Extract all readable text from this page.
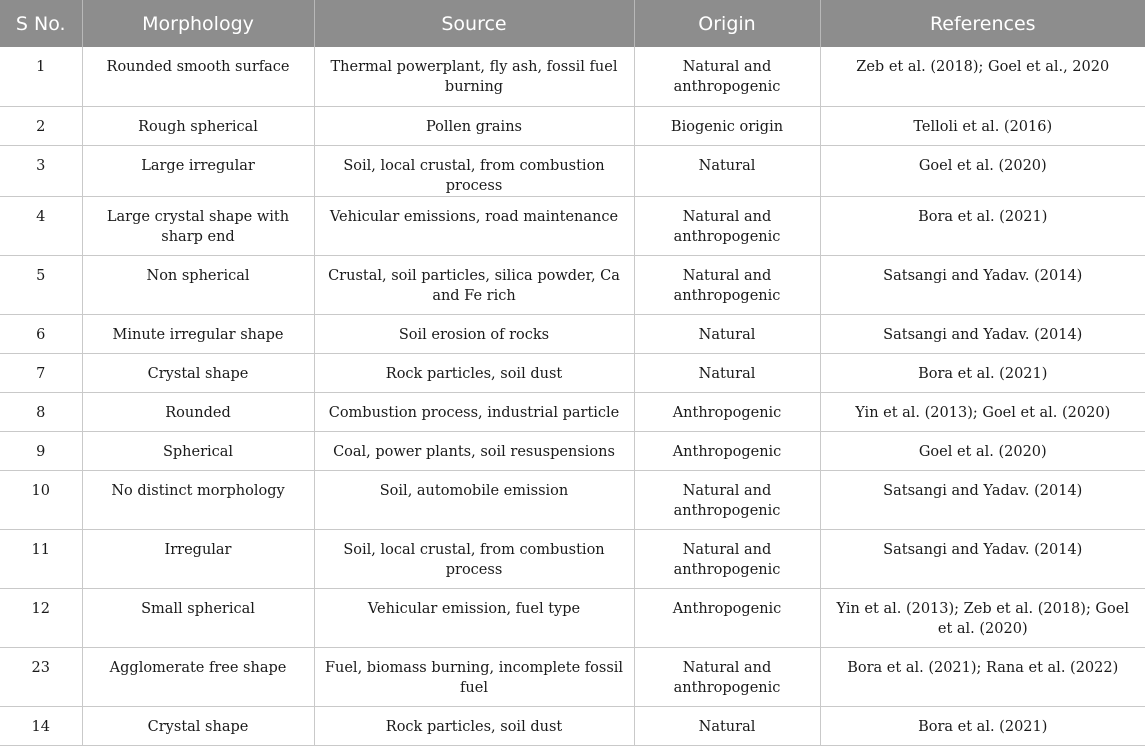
S No.	Morphology	Source	Origin	References
1	Rounded smooth surface	Thermal powerplant, fly ash, fossil fuel burning	Natural and anthropogenic	Zeb et al. (2018); Goel et al., 2020
2	Rough spherical	Pollen grains	Biogenic origin	Telloli et al. (2016)
3	Large irregular	Soil, local crustal, from combustion process	Natural	Goel et al. (2020)
4	Large crystal shape with sharp end	Vehicular emissions, road maintenance	Natural and anthropogenic	Bora et al. (2021)
5	Non spherical	Crustal, soil particles, silica powder, Ca and Fe rich	Natural and anthropogenic	Satsangi and Yadav. (2014)
6	Minute irregular shape	Soil erosion of rocks	Natural	Satsangi and Yadav. (2014)
7	Crystal shape	Rock particles, soil dust	Natural	Bora et al. (2021)
8	Rounded	Combustion process, industrial particle	Anthropogenic	Yin et al. (2013); Goel et al. (2020)
9	Spherical	Coal, power plants, soil resuspensions	Anthropogenic	Goel et al. (2020)
10	No distinct morphology	Soil, automobile emission	Natural and anthropogenic	Satsangi and Yadav. (2014)
11	Irregular	Soil, local crustal, from combustion process	Natural and anthropogenic	Satsangi and Yadav. (2014)
12	Small spherical	Vehicular emission, fuel type	Anthropogenic	Yin et al. (2013); Zeb et al. (2018); Goel et al. (2020)
23	Agglomerate free shape	Fuel, biomass burning, incomplete fossil fuel	Natural and anthropogenic	Bora et al. (2021); Rana et al. (2022)
14	Crystal shape	Rock particles, soil dust	Natural	Bora et al. (2021)
